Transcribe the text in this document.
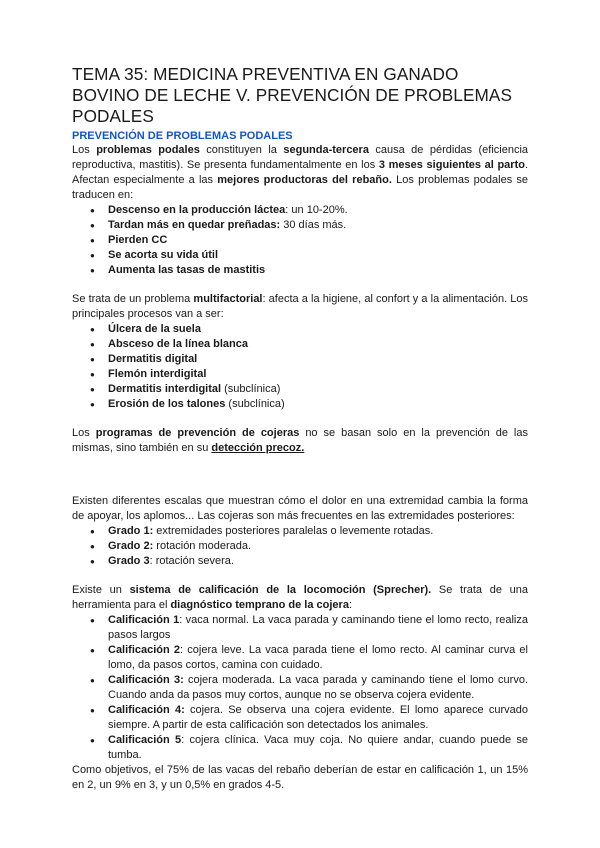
TEMA 35: MEDICINA PREVENTIVA EN GANADO BOVINO DE LECHE V. PREVENCIÓN DE PROBLEMAS PODALES

PREVENCIÓN DE PROBLEMAS PODALES

Los problemas podales constituyen la segunda-tercera causa de pérdidas (eficiencia reproductiva, mastitis). Se presenta fundamentalmente en los 3 meses siguientes al parto. Afectan especialmente a las mejores productoras del rebaño. Los problemas podales se traducen en:

● Descenso en la producción láctea: un 10-20%.
● Tardan más en quedar preñadas: 30 días más.
● Pierden CC
● Se acorta su vida útil
● Aumenta las tasas de mastitis

Se trata de un problema multifactorial: afecta a la higiene, al confort y a la alimentación. Los principales procesos van a ser:

● Úlcera de la suela
● Absceso de la línea blanca
● Dermatitis digital
● Flemón interdigital
● Dermatitis interdigital (subclínica)
● Erosión de los talones (subclínica)

Los programas de prevención de cojeras no se basan solo en la prevención de las mismas, sino también en su detección precoz.

Existen diferentes escalas que muestran cómo el dolor en una extremidad cambia la forma de apoyar, los aplomos... Las cojeras son más frecuentes en las extremidades posteriores:

● Grado 1: extremidades posteriores paralelas o levemente rotadas.
● Grado 2: rotación moderada.
● Grado 3: rotación severa.

Existe un sistema de calificación de la locomoción (Sprecher). Se trata de una herramienta para el diagnóstico temprano de la cojera:

● Calificación 1: vaca normal. La vaca parada y caminando tiene el lomo recto, realiza pasos largos
● Calificación 2: cojera leve. La vaca parada tiene el lomo recto. Al caminar curva el lomo, da pasos cortos, camina con cuidado.
● Calificación 3: cojera moderada. La vaca parada y caminando tiene el lomo curvo. Cuando anda da pasos muy cortos, aunque no se observa cojera evidente.
● Calificación 4: cojera. Se observa una cojera evidente. El lomo aparece curvado siempre. A partir de esta calificación son detectados los animales.
● Calificación 5: cojera clínica. Vaca muy coja. No quiere andar, cuando puede se tumba.

Como objetivos, el 75% de las vacas del rebaño deberían de estar en calificación 1, un 15% en 2, un 9% en 3, y un 0,5% en grados 4-5.
